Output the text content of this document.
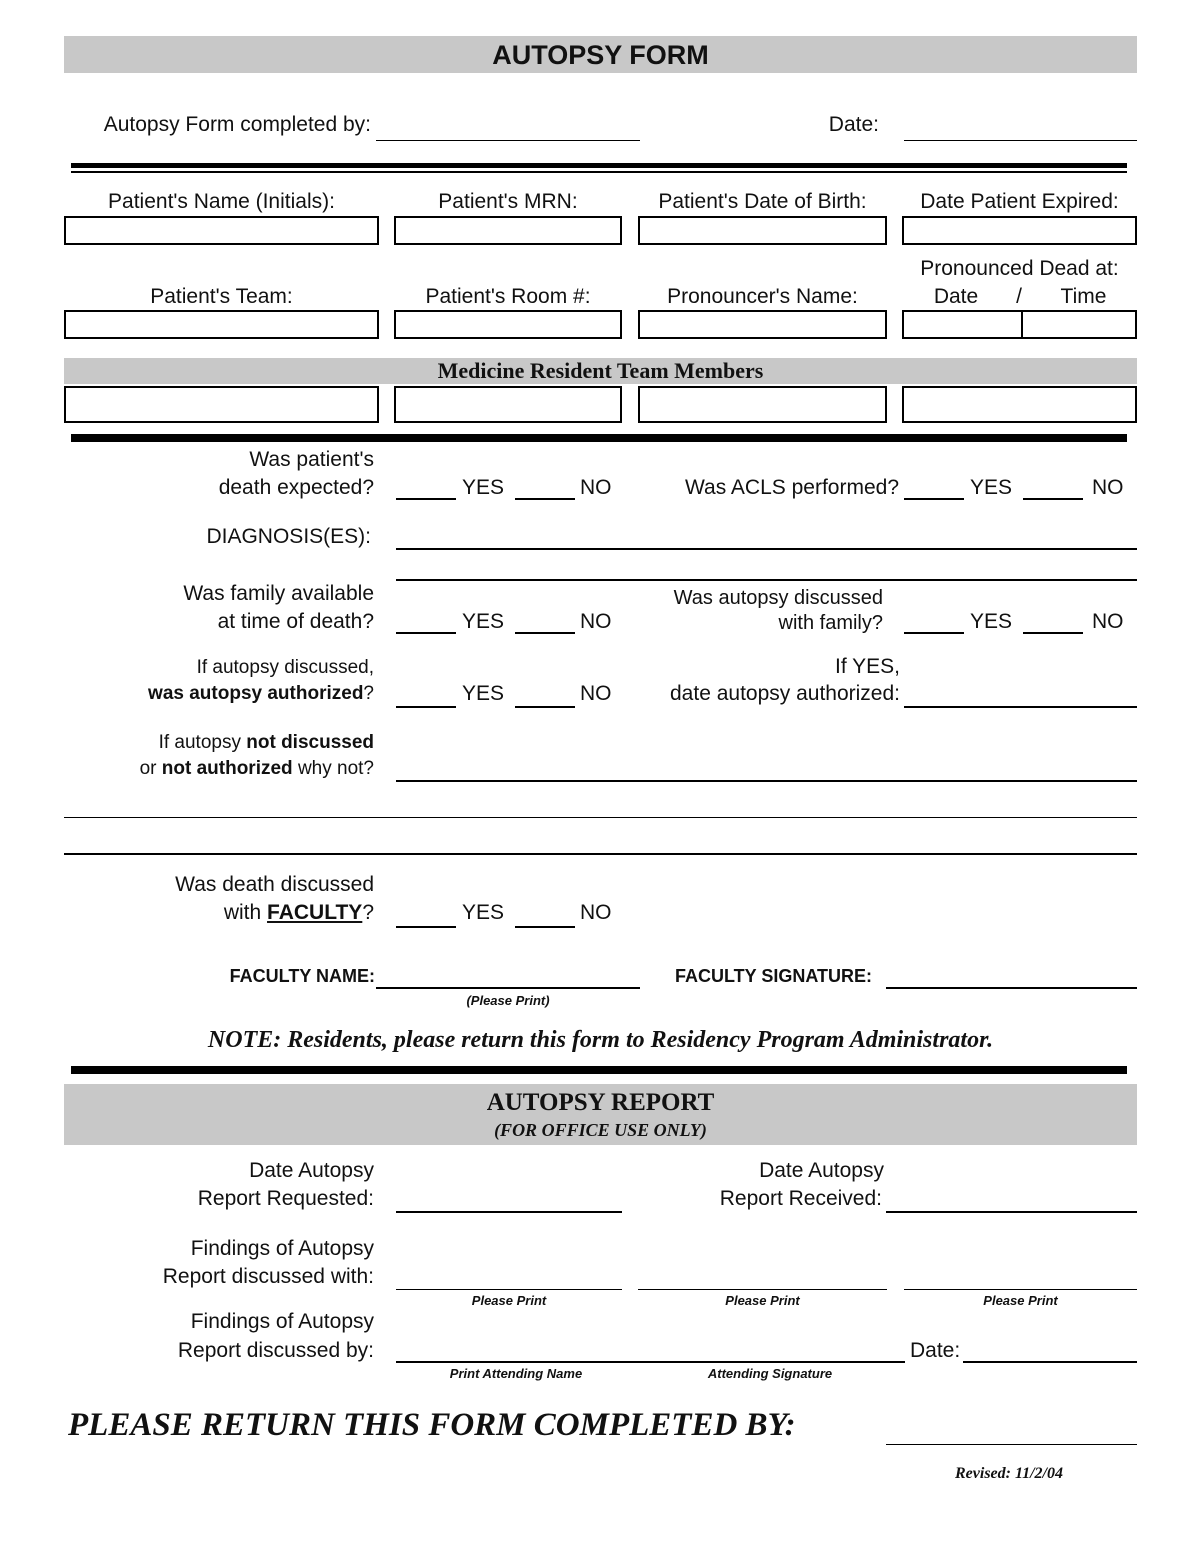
AUTOPSY FORM
Autopsy Form completed by:	Date:
Patient's Name (Initials):	Patient's MRN:	Patient's Date of Birth:	Date Patient Expired:
Patient's Team:	Patient's Room #:	Pronouncer's Name:
Pronounced Dead at:
Date	/	Time
Medicine Resident Team Members
Was patient's
death expected?	YES	NO	Was ACLS performed?	YES	NO
DIAGNOSIS(ES):
Was family available
at time of death?	YES	NO
Was autopsy discussed
with family?	YES	NO
If autopsy discussed,
was autopsy authorized?	YES	NO
If YES,
date autopsy authorized:
If autopsy not discussed
or not authorized why not?
Was death discussed
with FACULTY?	YES	NO
FACULTY NAME:
(Please Print)
FACULTY SIGNATURE:
NOTE: Residents, please return this form to Residency Program Administrator.
AUTOPSY REPORT
(FOR OFFICE USE ONLY)
Date Autopsy
Report Requested:
Date Autopsy
Report Received:
Findings of Autopsy
Report discussed with:
Please Print	Please Print	Please Print
Findings of Autopsy
Report discussed by:	Date:
Print Attending Name	Attending Signature
PLEASE RETURN THIS FORM COMPLETED BY:
Revised: 11/2/04
